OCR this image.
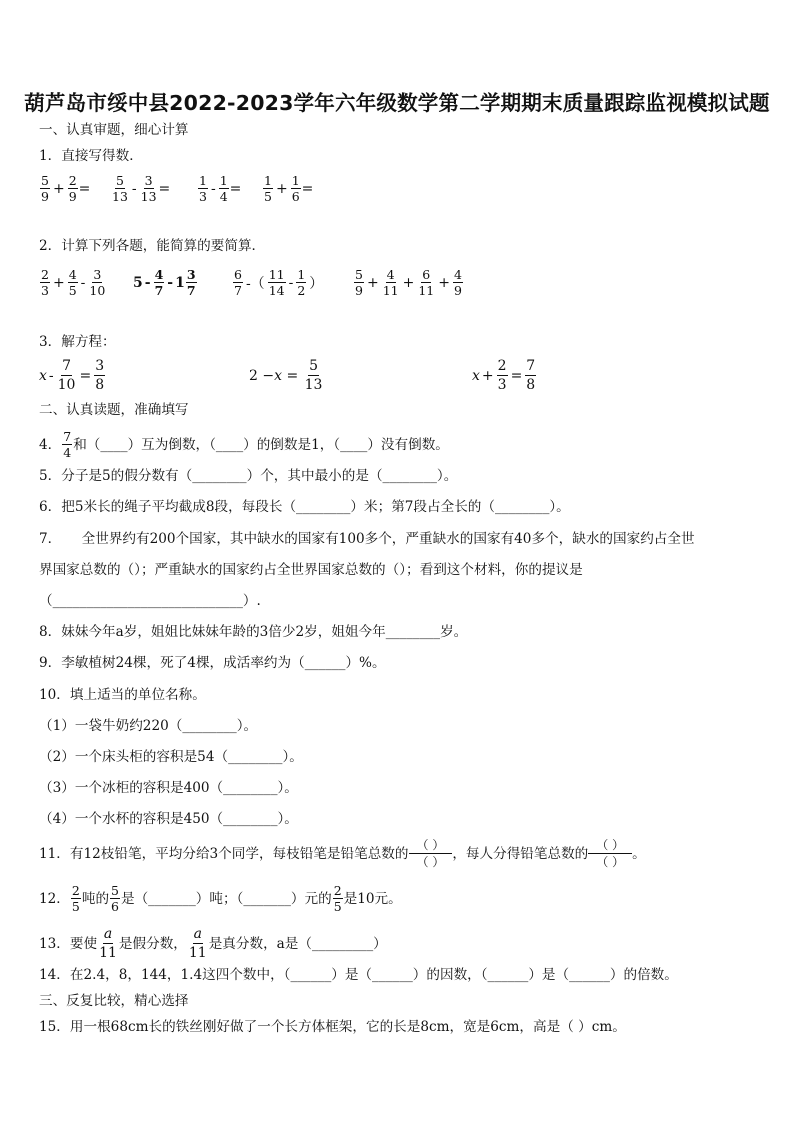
葫芦岛市绥中县2022-2023学年六年级数学第二学期期末质量跟踪监视模拟试题
一、认真审题，细心计算
1．直接写得数．
$\frac{5}{9} + \frac{2}{9} = \frac{5}{13} - \frac{3}{13} = \frac{1}{3} - \frac{1}{4} = \frac{1}{5} + \frac{1}{6}$ =
2．计算下列各题，能简算的要简算．
$\frac{2}{3} + \frac{4}{5} - \frac{3}{10} 5 - \frac{4}{7} - 1 \frac{3}{7}$	$\frac{6}{7}$ -（ $\frac{11}{14} - \frac{1}{2}$ ） $\frac{5}{9} + \frac{4}{11} + \frac{6}{11} + \frac{4}{9}$
3．解方程：
$x - \frac{7}{10} = \frac{3}{8}$	$2 - x = \frac{5}{13}$	$x + \frac{2}{3} = \frac{7}{8}$
二、认真读题，准确填写
4． $\frac{7}{4}$ 和（____）互为倒数，（____）的倒数是1，（____）没有倒数。
5．分子是5的假分数有（________）个，其中最小的是（________）。
6．把5米长的绳子平均截成8段，每段长（________）米；第7段占全长的（________）。
7．　　全世界约有200个国家，其中缺水的国家有100多个，严重缺水的国家有40多个，缺水的国家约占全世
界国家总数的（）；严重缺水的国家约占全世界国家总数的（）；看到这个材料，你的提议是
（____________________________）.
8．妹妹今年a岁，姐姐比妹妹年龄的3倍少2岁，姐姐今年________岁。
9．李敏植树24棵，死了4棵，成活率约为（______）%。
10．填上适当的单位名称。
（1）一袋牛奶约220（________）。
（2）一个床头柜的容积是54（________）。
（3）一个冰柜的容积是400（________）。
（4）一个水杯的容积是450（________）。
11．有12枝铅笔，平均分给3个同学，每枝铅笔是铅笔总数的
（ ）
（ ）
，每人分得铅笔总数的
（ ）
（ ）
。
12． $\frac{2}{5}$ 吨的 $\frac{5}{6}$ 是（_______）吨；（_______）元的 $\frac{2}{5}$ 是10元。
13．要使 $\frac{a}{11}$ 是假分数， $\frac{a}{11}$ 是真分数，a是（_________）
14．在2.4，8，144，1.4这四个数中，（______）是（______）的因数，（______）是（______）的倍数。
三、反复比较，精心选择
15．用一根68cm长的铁丝刚好做了一个长方体框架，它的长是8cm，宽是6cm，高是（ ）cm。
